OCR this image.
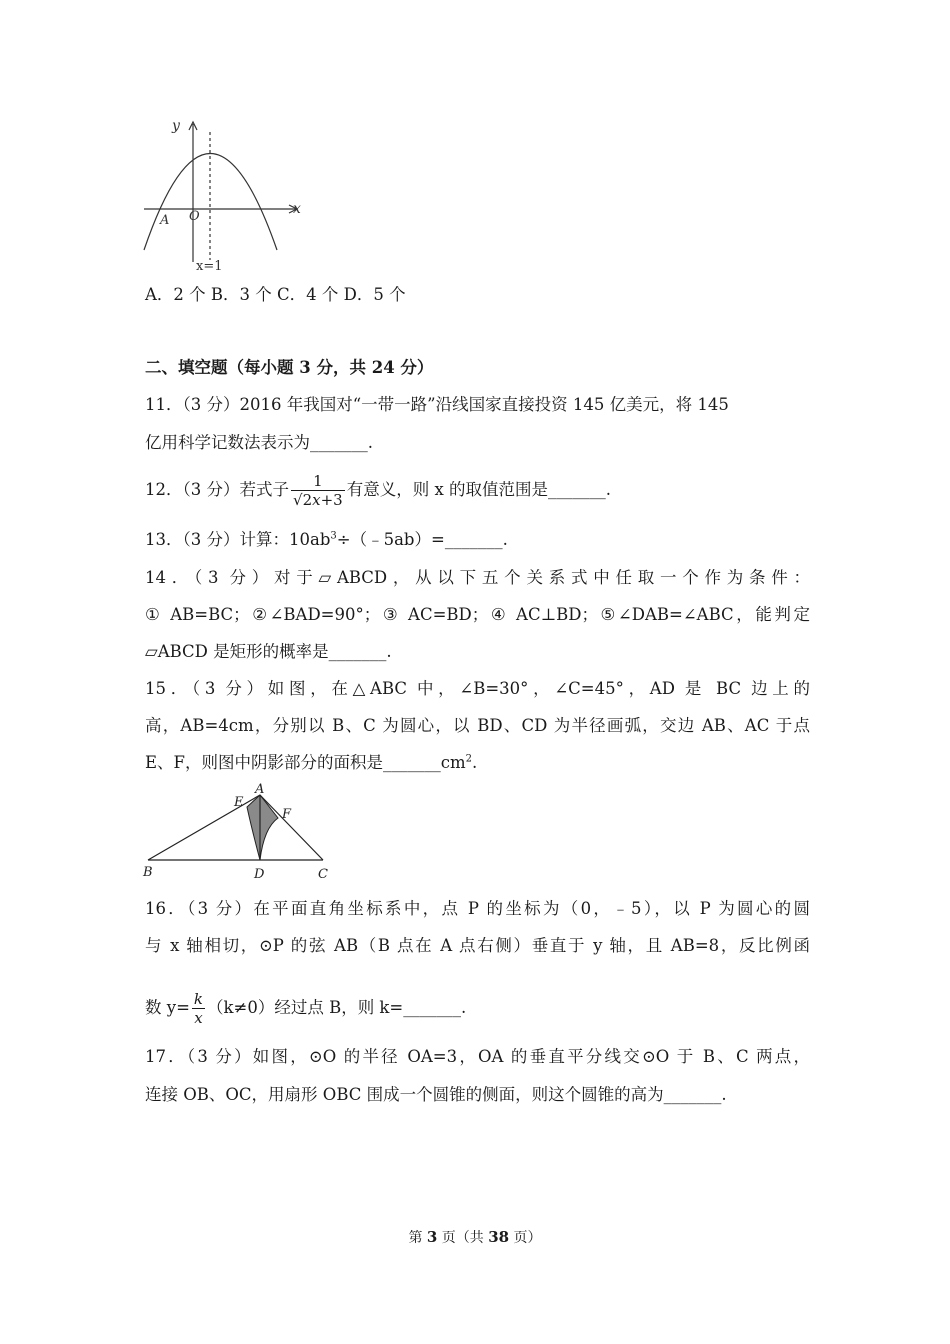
y
x
A O
x=1
A．2 个 B．3 个 C．4 个 D．5 个
二、填空题（每小题 3 分，共 24 分）
11．（3 分）2016 年我国对“一带一路”沿线国家直接投资 145 亿美元，将 145
亿用科学记数法表示为_______.
12．（3 分）若式子 $\frac{1}{√2x+3}$ 有意义，则 x 的取值范围是_______.
13．（3 分）计算：$10ab^3\div(﹣5ab)=\_\_\_\_\_\_\_$.
14．（3 分）对于▱ABCD，从以下五个关系式中任取一个作为条件：
① AB=BC；②∠BAD=90°；③ AC=BD；④ AC⊥BD；⑤∠DAB=∠ABC，能判定
▱ABCD 是矩形的概率是_______.
15．（3 分）如图，在△ABC 中，∠B=30°，∠C=45°，AD 是 BC 边上的
高，AB=4cm，分别以 B、C 为圆心，以 BD、CD 为半径画弧，交边 AB、AC 于点
E、F，则图中阴影部分的面积是$\_\_\_\_\_\_\_cm^2$.
E
A
F
B	D	C
16．（3 分）在平面直角坐标系中，点 P 的坐标为（0，﹣5），以 P 为圆心的圆
与 x 轴相切，⊙P 的弦 AB（B 点在 A 点右侧）垂直于 y 轴，且 AB=8，反比例函
数 $y= \frac{k}{x} (k\ne 0)$经过点 B，则 k=_______.
17．（3 分）如图，⊙O 的半径 OA=3，OA 的垂直平分线交⊙O 于 B、C 两点，
连接 OB、OC，用扇形 OBC 围成一个圆锥的侧面，则这个圆锥的高为_______.
第 3 页（共 38 页）
